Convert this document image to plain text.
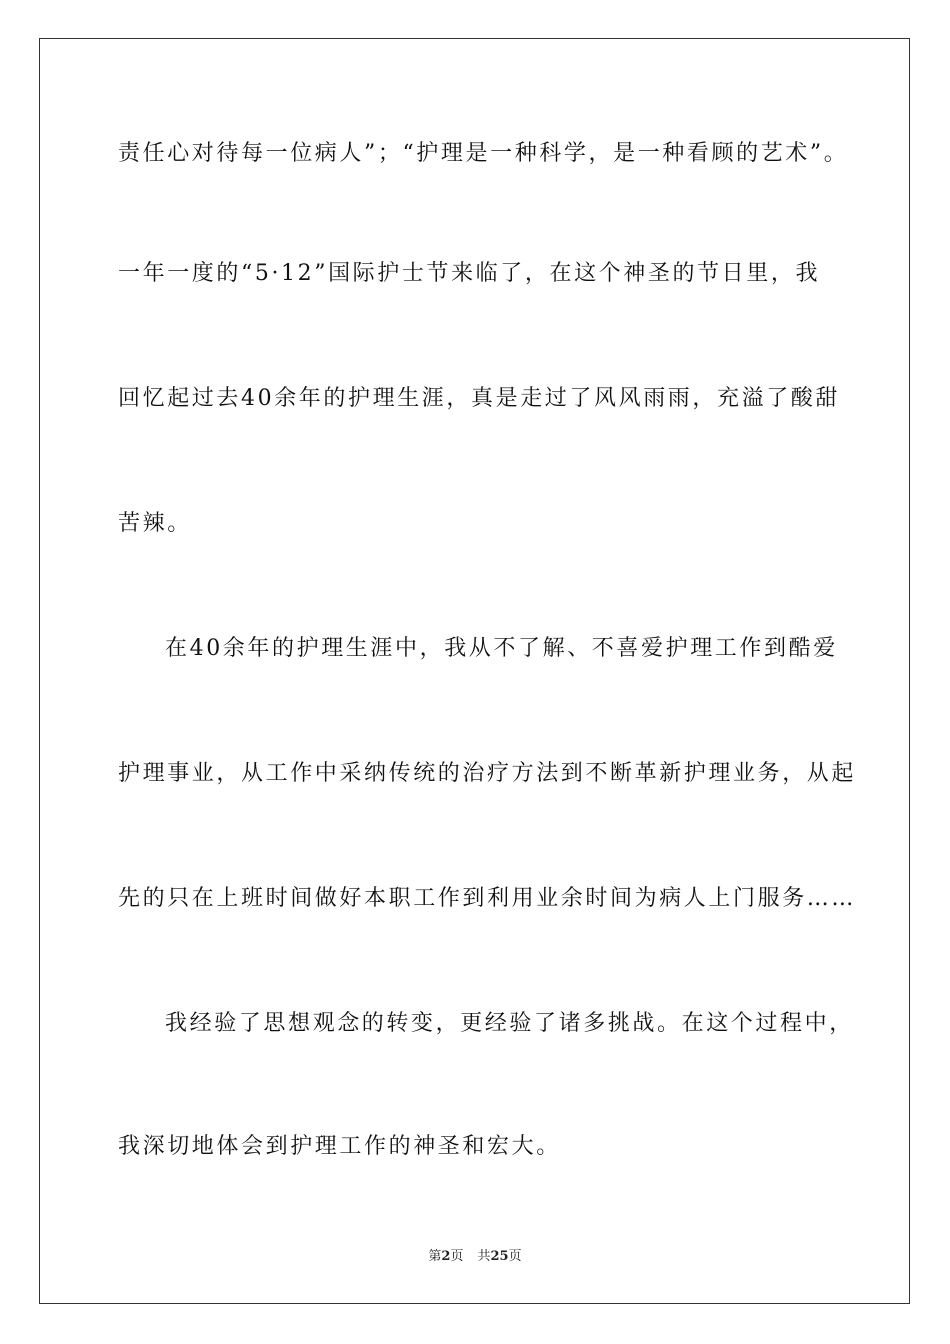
责任心对待每一位病人”；“护理是一种科学，是一种看顾的艺术”。
一年一度的“5·12”国际护士节来临了，在这个神圣的节日里，我
回忆起过去40余年的护理生涯，真是走过了风风雨雨，充溢了酸甜
苦辣。
在40余年的护理生涯中，我从不了解、不喜爱护理工作到酷爱
护理事业，从工作中采纳传统的治疗方法到不断革新护理业务，从起
先的只在上班时间做好本职工作到利用业余时间为病人上门服务……
我经验了思想观念的转变，更经验了诸多挑战。在这个过程中，
我深切地体会到护理工作的神圣和宏大。
第2页 共25页
